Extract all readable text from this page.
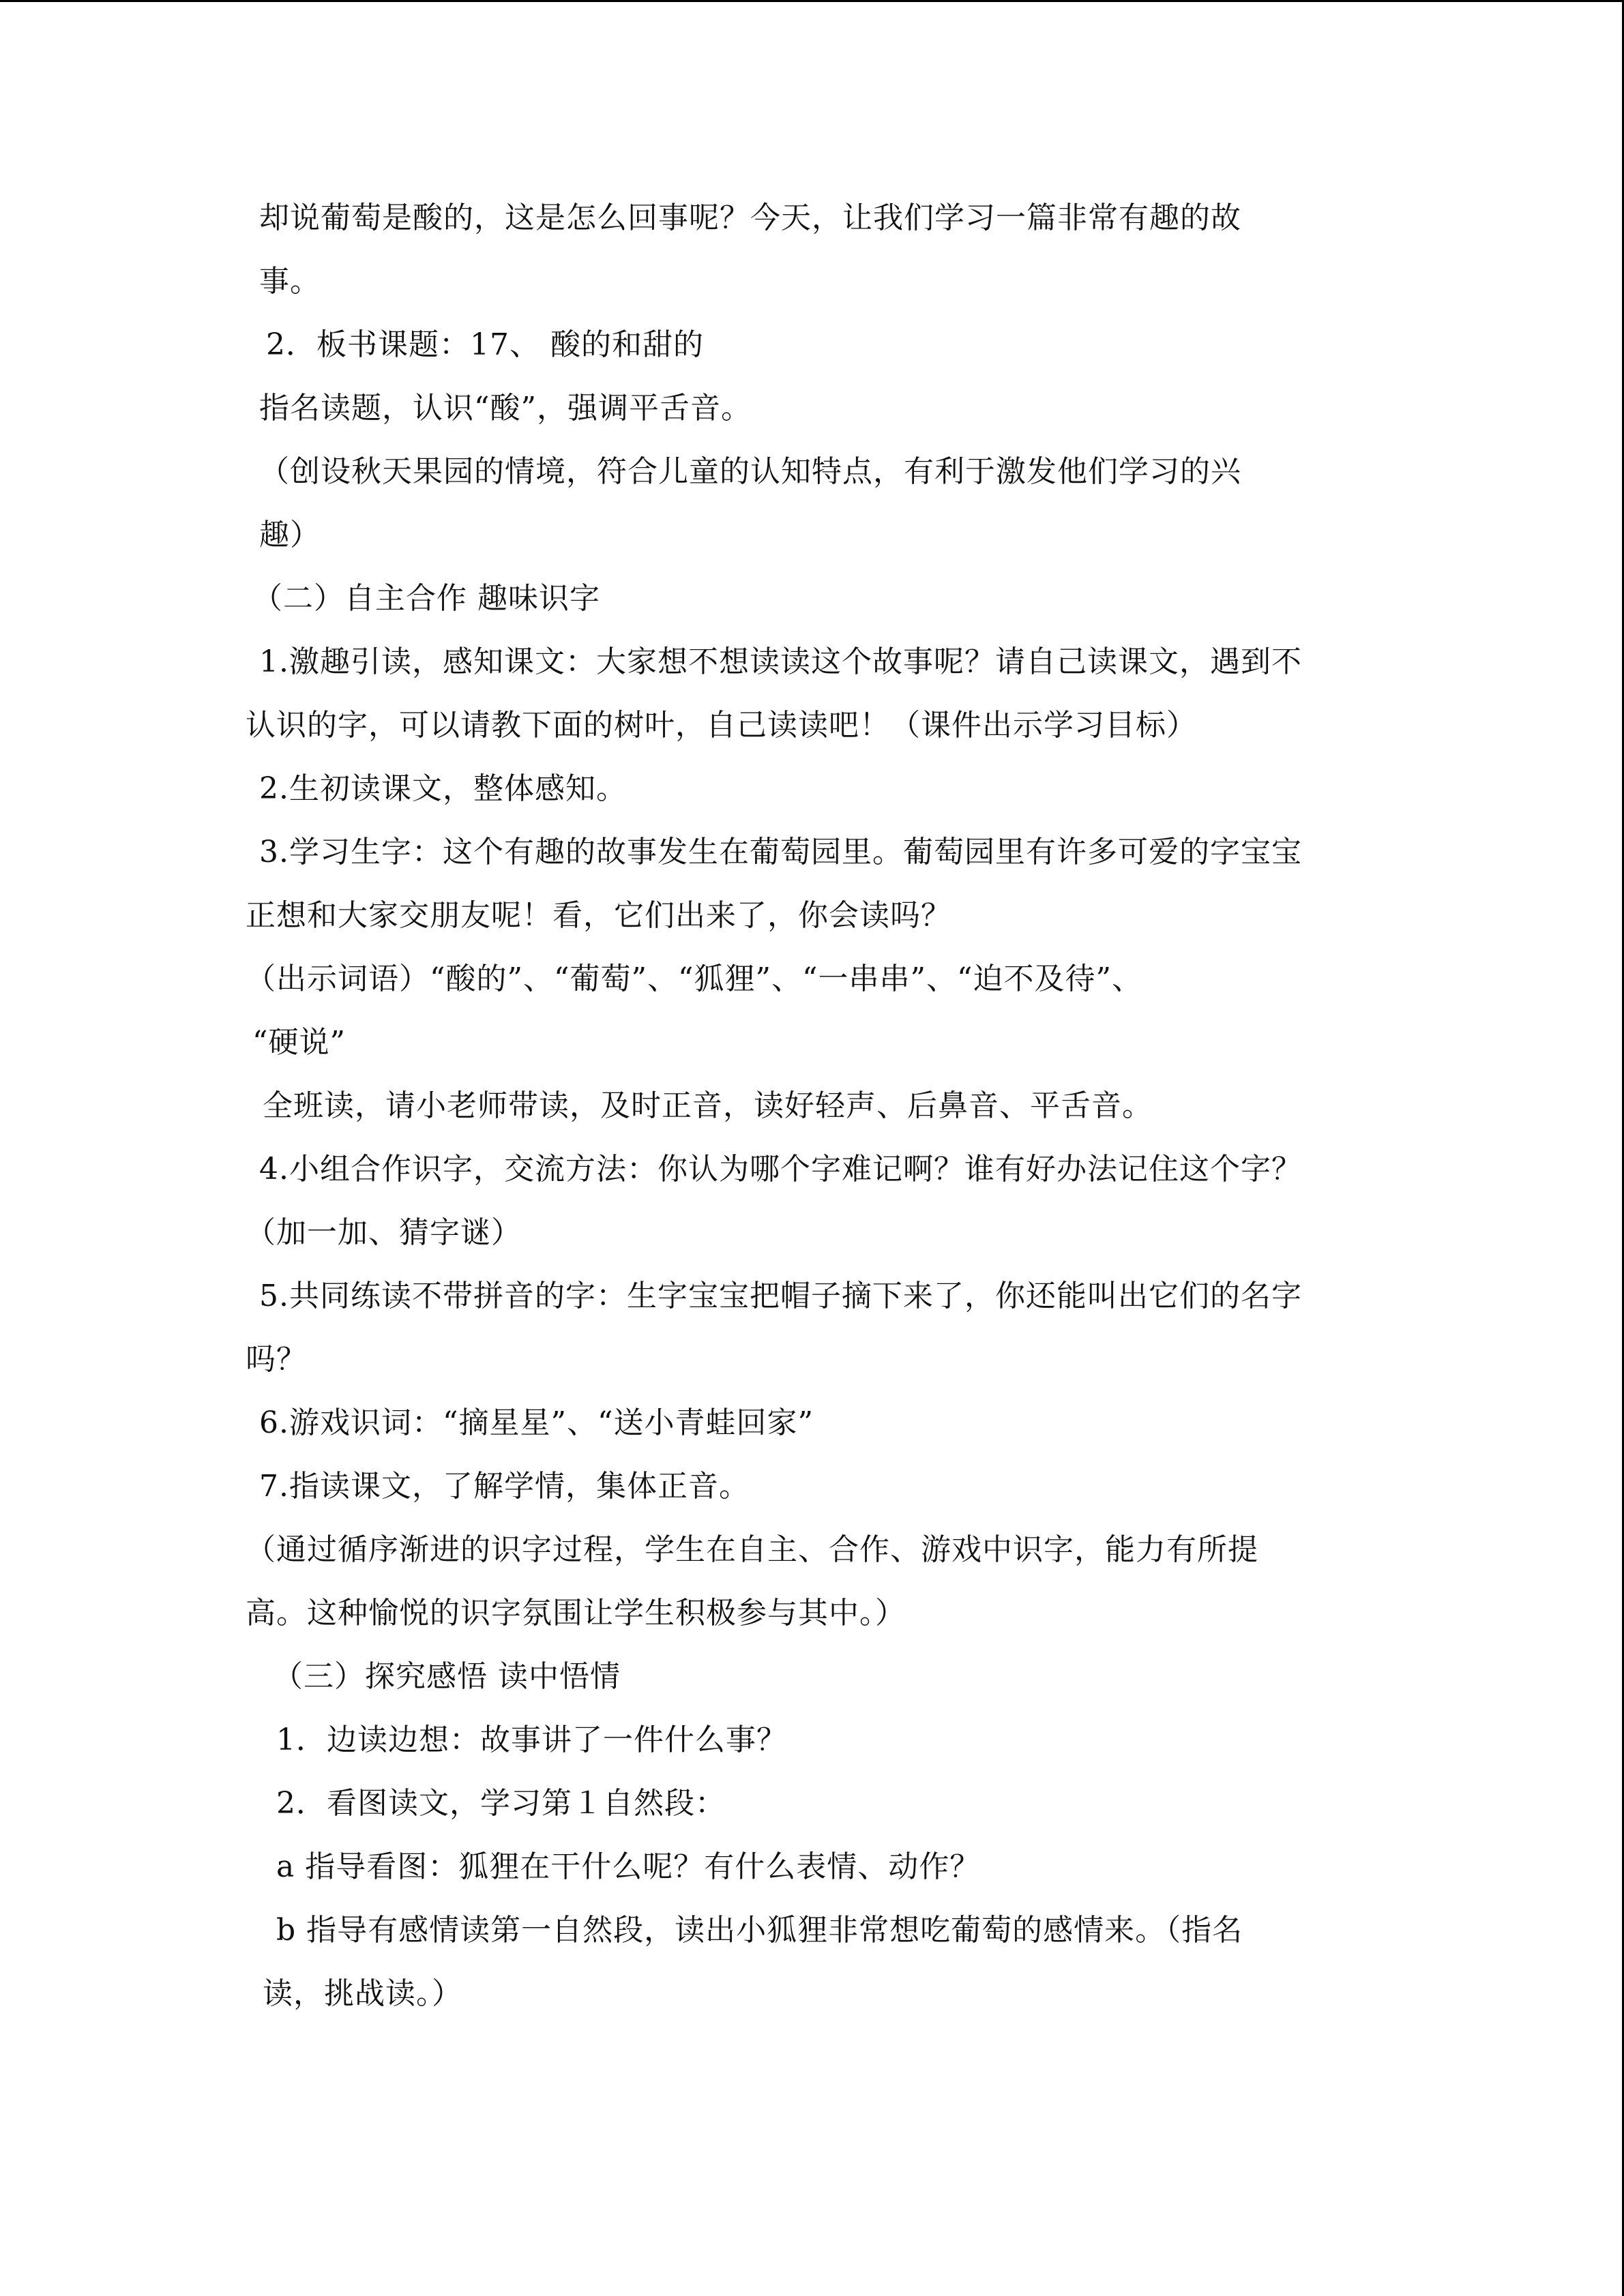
却说葡萄是酸的，这是怎么回事呢？今天，让我们学习一篇非常有趣的故
事。
2．板书课题：17、 酸的和甜的
指名读题，认识“酸”，强调平舌音。
（创设秋天果园的情境，符合儿童的认知特点，有利于激发他们学习的兴
趣）
（二）自主合作 趣味识字
1.激趣引读，感知课文：大家想不想读读这个故事呢？请自己读课文，遇到不
认识的字，可以请教下面的树叶，自己读读吧！（课件出示学习目标）
2.生初读课文，整体感知。
3.学习生字：这个有趣的故事发生在葡萄园里。葡萄园里有许多可爱的字宝宝
正想和大家交朋友呢！看，它们出来了，你会读吗？
（出示词语）“酸的”、“葡萄”、“狐狸”、“一串串”、“迫不及待”、
“硬说”
全班读，请小老师带读，及时正音，读好轻声、后鼻音、平舌音。
4.小组合作识字，交流方法：你认为哪个字难记啊？谁有好办法记住这个字？
（加一加、猜字谜）
5.共同练读不带拼音的字：生字宝宝把帽子摘下来了，你还能叫出它们的名字
吗？
6.游戏识词：“摘星星”、“送小青蛙回家”
7.指读课文，了解学情，集体正音。
（通过循序渐进的识字过程，学生在自主、合作、游戏中识字，能力有所提
高。这种愉悦的识字氛围让学生积极参与其中。）
（三）探究感悟 读中悟情
1．边读边想：故事讲了一件什么事？
2．看图读文，学习第１自然段：
a 指导看图：狐狸在干什么呢？有什么表情、动作？
b 指导有感情读第一自然段，读出小狐狸非常想吃葡萄的感情来。（指名
读，挑战读。）
